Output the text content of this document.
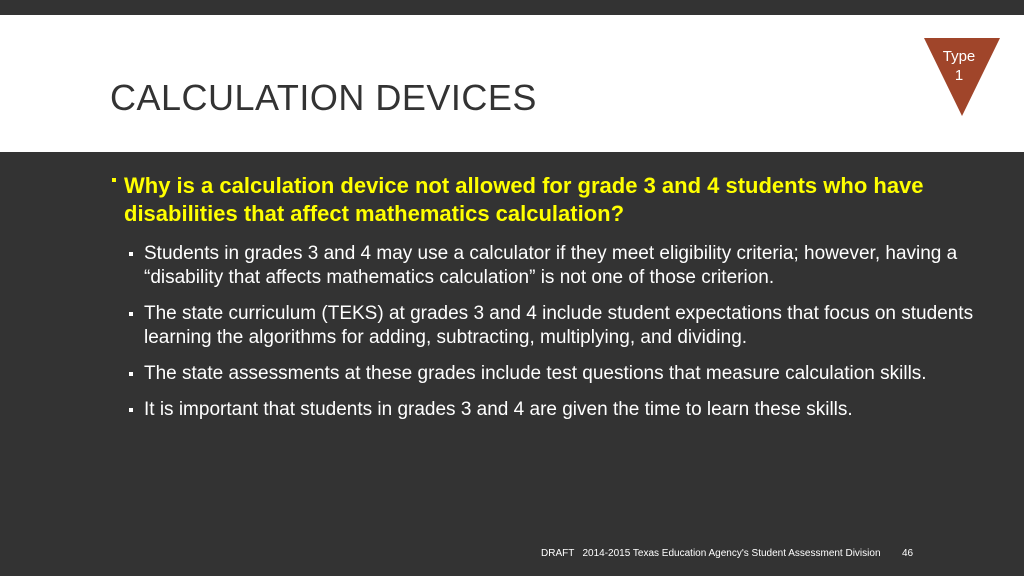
CALCULATION DEVICES
Type
1
Why is a calculation device not allowed for grade 3 and 4 students who have disabilities that affect mathematics calculation?
Students in grades 3 and 4 may use a calculator if they meet eligibility criteria; however, having a “disability that affects mathematics calculation” is not one of those criterion.
The state curriculum (TEKS) at grades 3 and 4 include student expectations that focus on students learning the algorithms for adding, subtracting, multiplying, and dividing.
The state assessments at these grades include test questions that measure calculation skills.
It is important that students in grades 3 and 4 are given the time to learn these skills.
DRAFT   2014-2015 Texas Education Agency's Student Assessment Division 46
